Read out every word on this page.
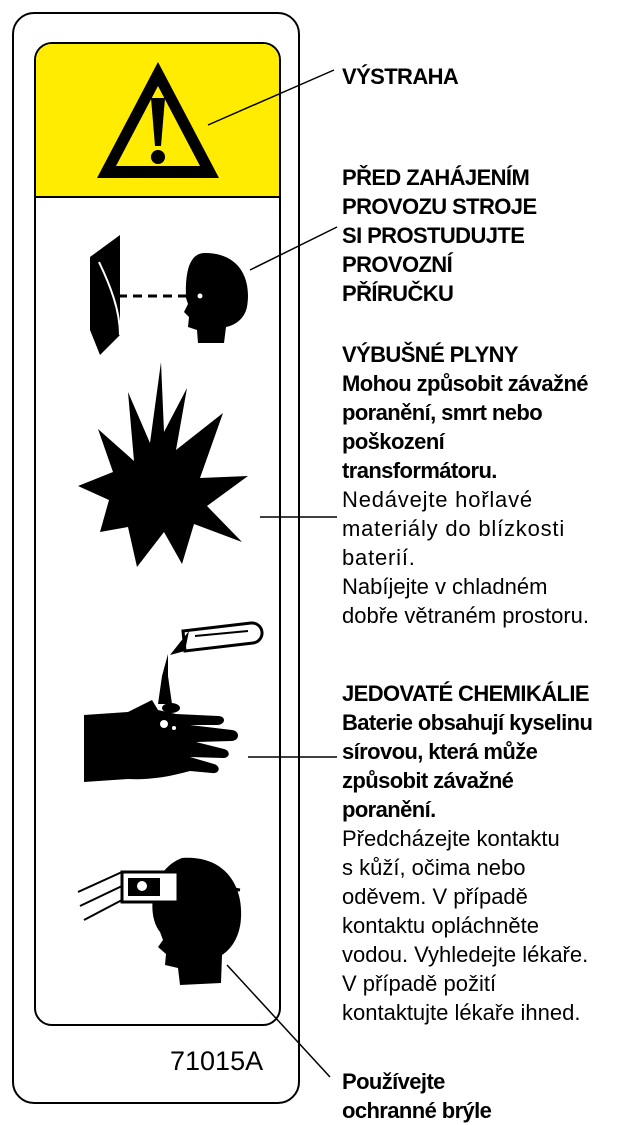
71015A
VÝSTRAHA
PŘED ZAHÁJENÍM
PROVOZU STROJE
SI PROSTUDUJTE
PROVOZNÍ
PŘÍRUČKU
VÝBUŠNÉ PLYNY
Mohou způsobit závažné
poranění, smrt nebo
poškození
transformátoru.
Nedávejte hořlavé
materiály do blízkosti
baterií.
Nabíjejte v chladném
dobře větraném prostoru.
JEDOVATÉ CHEMIKÁLIE
Baterie obsahují kyselinu
sírovou, která může
způsobit závažné
poranění.
Předcházejte kontaktu
s kůží, očima nebo
oděvem. V případě
kontaktu opláchněte
vodou. Vyhledejte lékaře.
V případě požití
kontaktujte lékaře ihned.
Používejte
ochranné brýle
